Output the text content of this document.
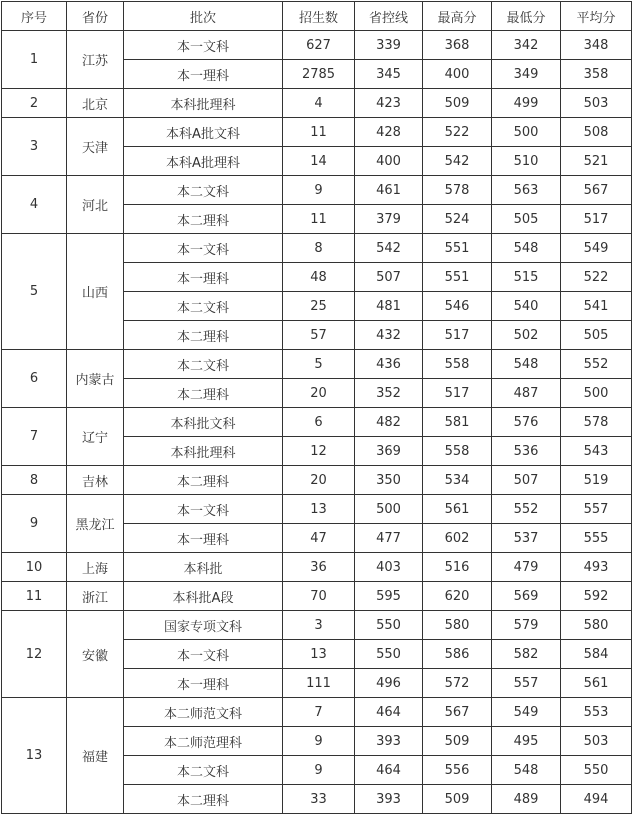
序号	省份	批次	招生数	省控线	最高分	最低分	平均分
1	江苏	本一文科	627	339	368	342	348
		本一理科	2785	345	400	349	358
2	北京	本科批理科	4	423	509	499	503
3	天津	本科A批文科	11	428	522	500	508
		本科A批理科	14	400	542	510	521
4	河北	本二文科	9	461	578	563	567
		本二理科	11	379	524	505	517
5	山西	本一文科	8	542	551	548	549
		本一理科	48	507	551	515	522
		本二文科	25	481	546	540	541
		本二理科	57	432	517	502	505
6	内蒙古	本二文科	5	436	558	548	552
		本二理科	20	352	517	487	500
7	辽宁	本科批文科	6	482	581	576	578
		本科批理科	12	369	558	536	543
8	吉林	本二理科	20	350	534	507	519
9	黑龙江	本一文科	13	500	561	552	557
		本一理科	47	477	602	537	555
10	上海	本科批	36	403	516	479	493
11	浙江	本科批A段	70	595	620	569	592
12	安徽	国家专项文科	3	550	580	579	580
		本一文科	13	550	586	582	584
		本一理科	111	496	572	557	561
13	福建	本二师范文科	7	464	567	549	553
		本二师范理科	9	393	509	495	503
		本二文科	9	464	556	548	550
		本二理科	33	393	509	489	494
